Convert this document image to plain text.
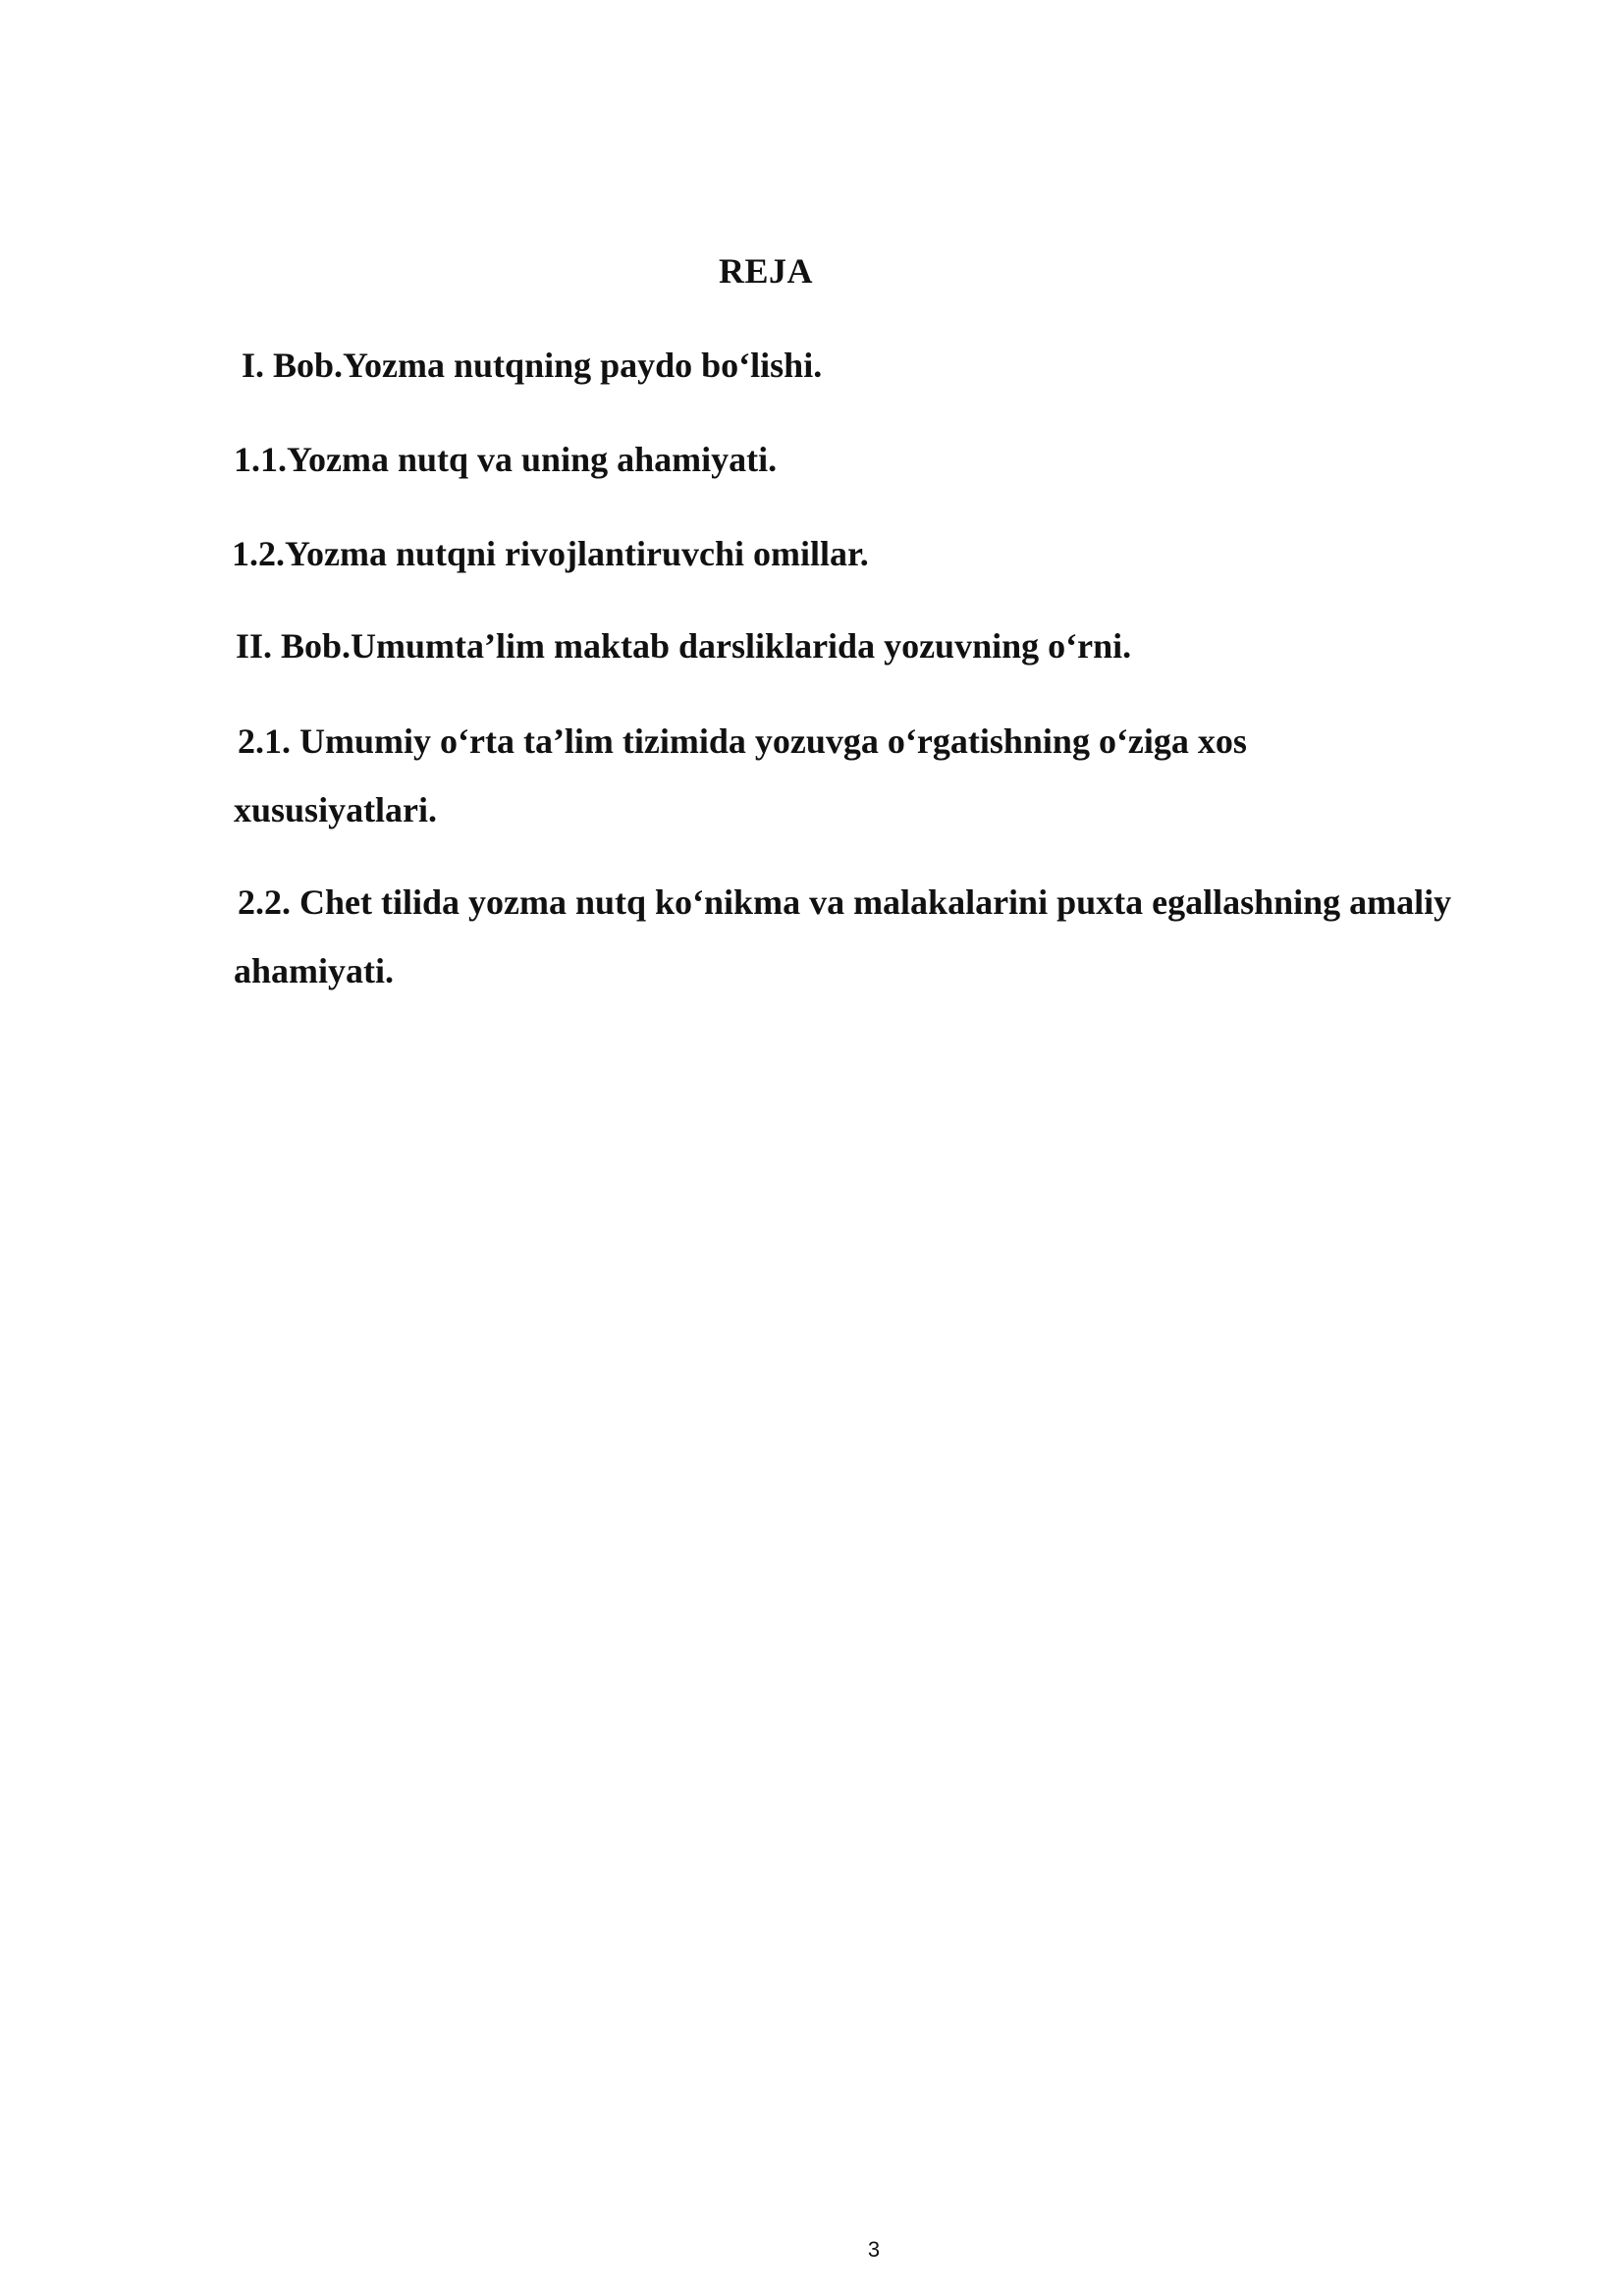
REJA
I. Bob.Yozma nutqning paydo bo‘lishi.
1.1.Yozma nutq va uning ahamiyati.
1.2.Yozma nutqni rivojlantiruvchi omillar.
II. Bob.Umumta’lim maktab darsliklarida yozuvning o‘rni.
2.1. Umumiy o‘rta ta’lim tizimida yozuvga o‘rgatishning o‘ziga xos xususiyatlari.
2.2. Chet tilida yozma nutq ko‘nikma va malakalarini puxta egallashning amaliy ahamiyati.
3
